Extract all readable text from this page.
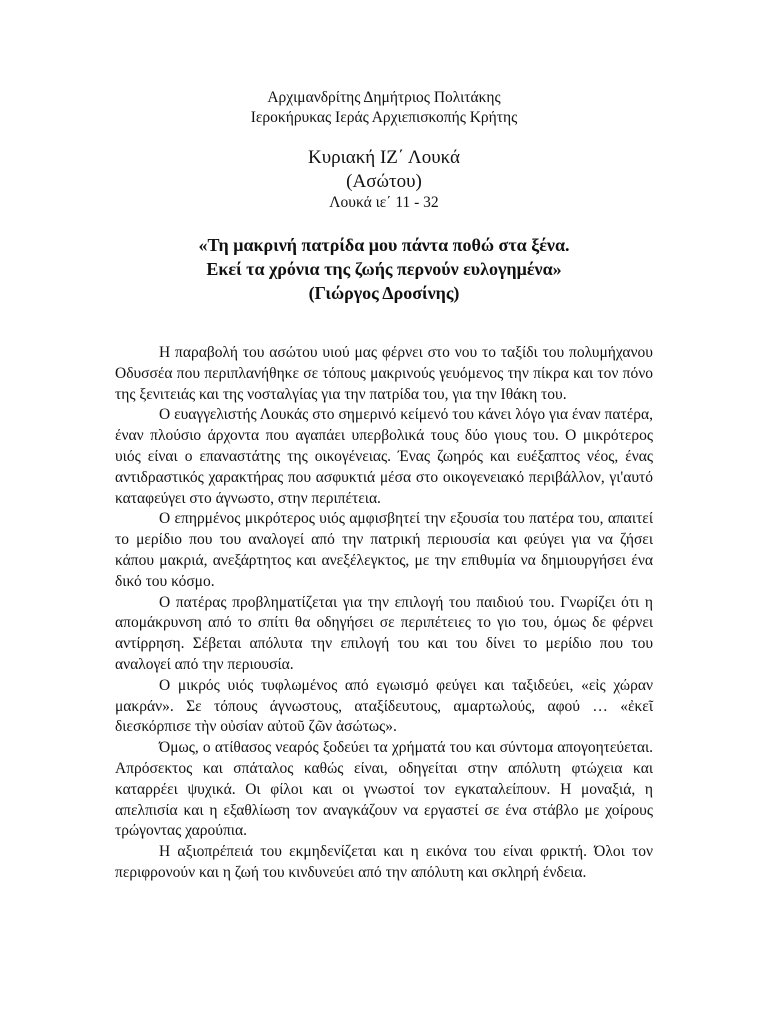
Αρχιμανδρίτης Δημήτριος Πολιτάκης
Ιεροκήρυκας Ιεράς Αρχιεπισκοπής Κρήτης
Κυριακή ΙΖ΄ Λουκά
(Ασώτου)
Λουκά ιε΄ 11 - 32
«Τη μακρινή πατρίδα μου πάντα ποθώ στα ξένα.
Εκεί τα χρόνια της ζωής περνούν ευλογημένα»
(Γιώργος Δροσίνης)

Η παραβολή του ασώτου υιού μας φέρνει στο νου το ταξίδι του πολυμήχανου Οδυσσέα που περιπλανήθηκε σε τόπους μακρινούς γευόμενος την πίκρα και τον πόνο της ξενιτειάς και της νοσταλγίας για την πατρίδα του, για την Ιθάκη του.

Ο ευαγγελιστής Λουκάς στο σημερινό κείμενό του κάνει λόγο για έναν πατέρα, έναν πλούσιο άρχοντα που αγαπάει υπερβολικά τους δύο γιους του. Ο μικρότερος υιός είναι ο επαναστάτης της οικογένειας. Ένας ζωηρός και ευέξαπτος νέος, ένας αντιδραστικός χαρακτήρας που ασφυκτιά μέσα στο οικογενειακό περιβάλλον, γι'αυτό καταφεύγει στο άγνωστο, στην περιπέτεια.

Ο επηρμένος μικρότερος υιός αμφισβητεί την εξουσία του πατέρα του, απαιτεί το μερίδιο που του αναλογεί από την πατρική περιουσία και φεύγει για να ζήσει κάπου μακριά, ανεξάρτητος και ανεξέλεγκτος, με την επιθυμία να δημιουργήσει ένα δικό του κόσμο.

Ο πατέρας προβληματίζεται για την επιλογή του παιδιού του. Γνωρίζει ότι η απομάκρυνση από το σπίτι θα οδηγήσει σε περιπέτειες το γιο του, όμως δε φέρνει αντίρρηση. Σέβεται απόλυτα την επιλογή του και του δίνει το μερίδιο που του αναλογεί από την περιουσία.

Ο μικρός υιός τυφλωμένος από εγωισμό φεύγει και ταξιδεύει, «εἰς χώραν μακράν». Σε τόπους άγνωστους, αταξίδευτους, αμαρτωλούς, αφού … «ἐκεῖ διεσκόρπισε τὴν οὐσίαν αὐτοῦ ζῶν ἀσώτως».

Όμως, ο ατίθασος νεαρός ξοδεύει τα χρήματά του και σύντομα απογοητεύεται. Απρόσεκτος και σπάταλος καθώς είναι, οδηγείται στην απόλυτη φτώχεια και καταρρέει ψυχικά. Οι φίλοι και οι γνωστοί τον εγκαταλείπουν. Η μοναξιά, η απελπισία και η εξαθλίωση τον αναγκάζουν να εργαστεί σε ένα στάβλο με χοίρους τρώγοντας χαρούπια.

Η αξιοπρέπειά του εκμηδενίζεται και η εικόνα του είναι φρικτή. Όλοι τον περιφρονούν και η ζωή του κινδυνεύει από την απόλυτη και σκληρή ένδεια.
